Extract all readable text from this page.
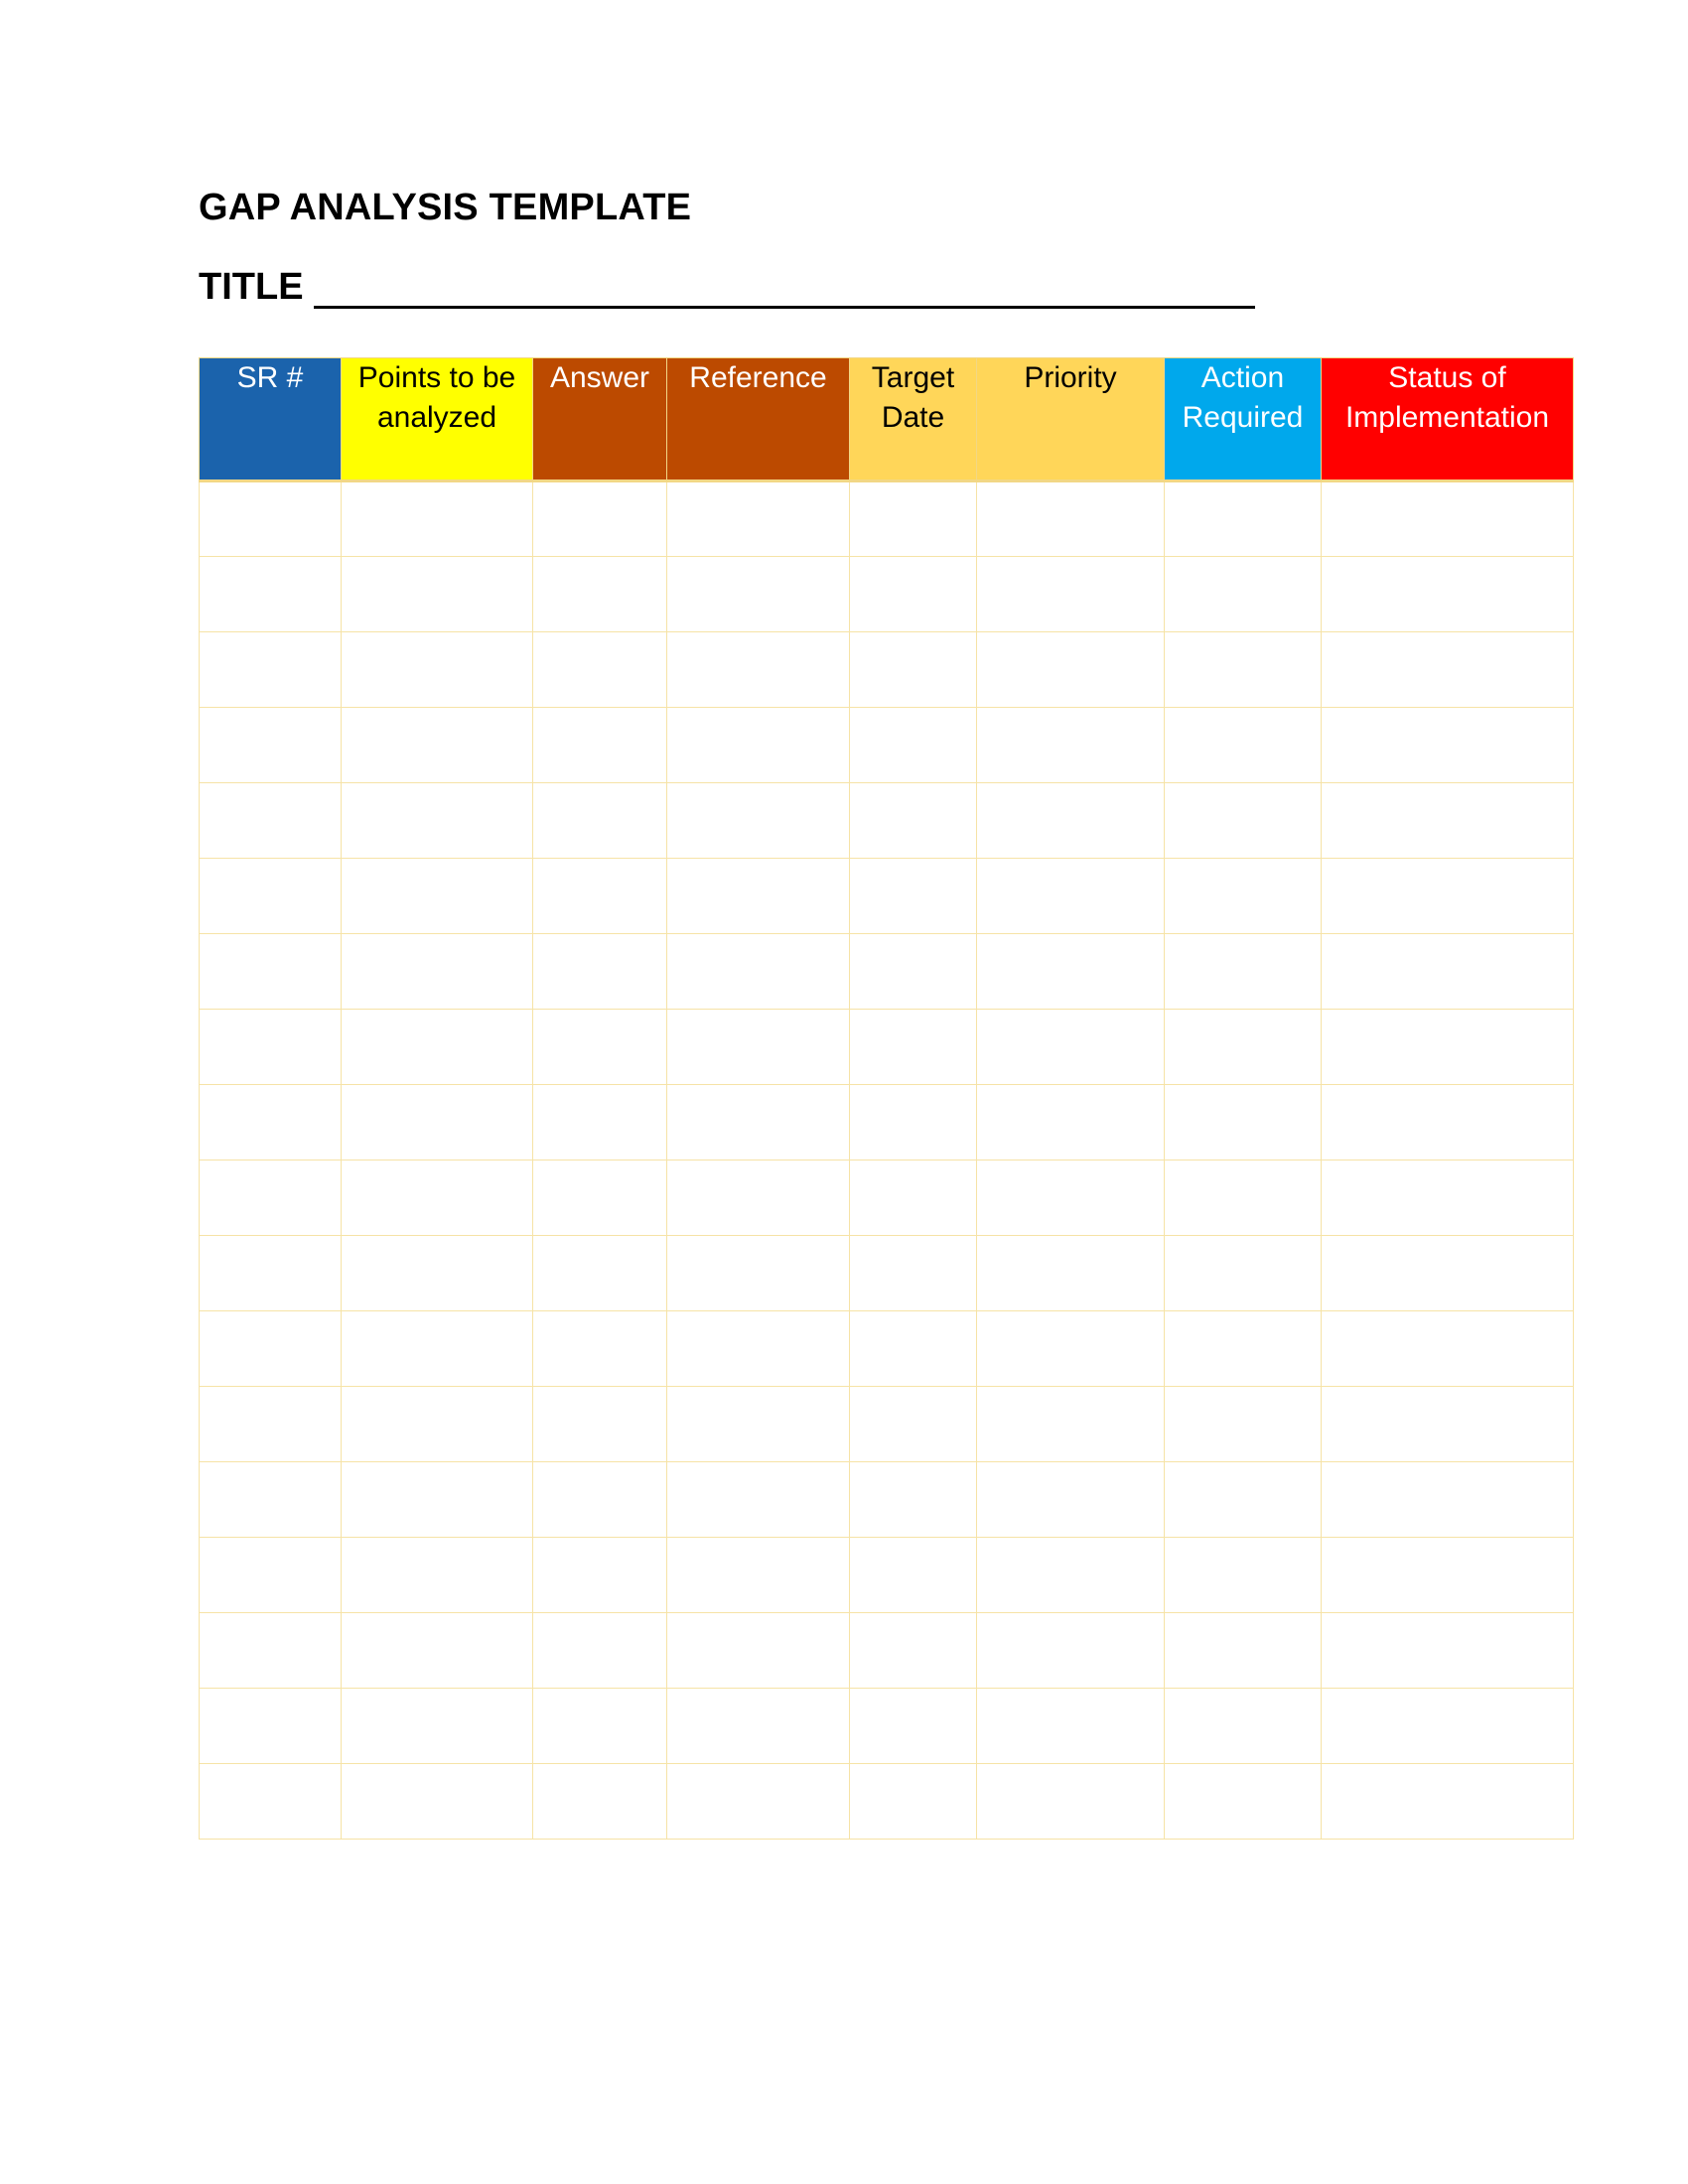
GAP ANALYSIS TEMPLATE
TITLE
SR #	Points to be analyzed	Answer	Reference	Target Date	Priority	Action Required	Status of Implementation
